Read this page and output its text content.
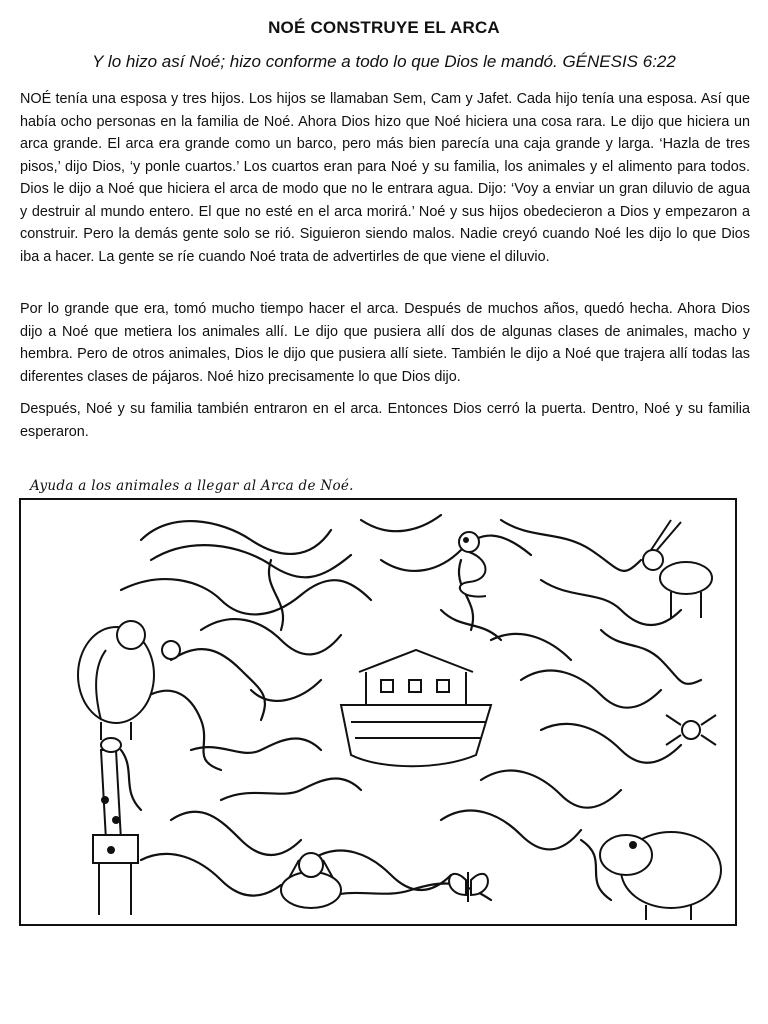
NOÉ CONSTRUYE EL ARCA
Y lo hizo así Noé; hizo conforme a todo lo que Dios le mandó. GÉNESIS 6:22

NOÉ tenía una esposa y tres hijos. Los hijos se llamaban Sem, Cam y Jafet. Cada hijo tenía una esposa. Así que había ocho personas en la familia de Noé. Ahora Dios hizo que Noé hiciera una cosa rara. Le dijo que hiciera un arca grande. El arca era grande como un barco, pero más bien parecía una caja grande y larga. ‘Hazla de tres pisos,’ dijo Dios, ‘y ponle cuartos.’ Los cuartos eran para Noé y su familia, los animales y el alimento para todos. Dios le dijo a Noé que hiciera el arca de modo que no le entrara agua. Dijo: ‘Voy a enviar un gran diluvio de agua y destruir al mundo entero. El que no esté en el arca morirá.’ Noé y sus hijos obedecieron a Dios y empezaron a construir. Pero la demás gente solo se rió. Siguieron siendo malos. Nadie creyó cuando Noé les dijo lo que Dios iba a hacer. La gente se ríe cuando Noé trata de advertirles de que viene el diluvio.

Por lo grande que era, tomó mucho tiempo hacer el arca. Después de muchos años, quedó hecha. Ahora Dios dijo a Noé que metiera los animales allí. Le dijo que pusiera allí dos de algunas clases de animales, macho y hembra. Pero de otros animales, Dios le dijo que pusiera allí siete. También le dijo a Noé que trajera allí todas las diferentes clases de pájaros. Noé hizo precisamente lo que Dios dijo.

Después, Noé y su familia también entraron en el arca. Entonces Dios cerró la puerta. Dentro, Noé y su familia esperaron.

Ayuda a los animales a llegar al Arca de Noé.
